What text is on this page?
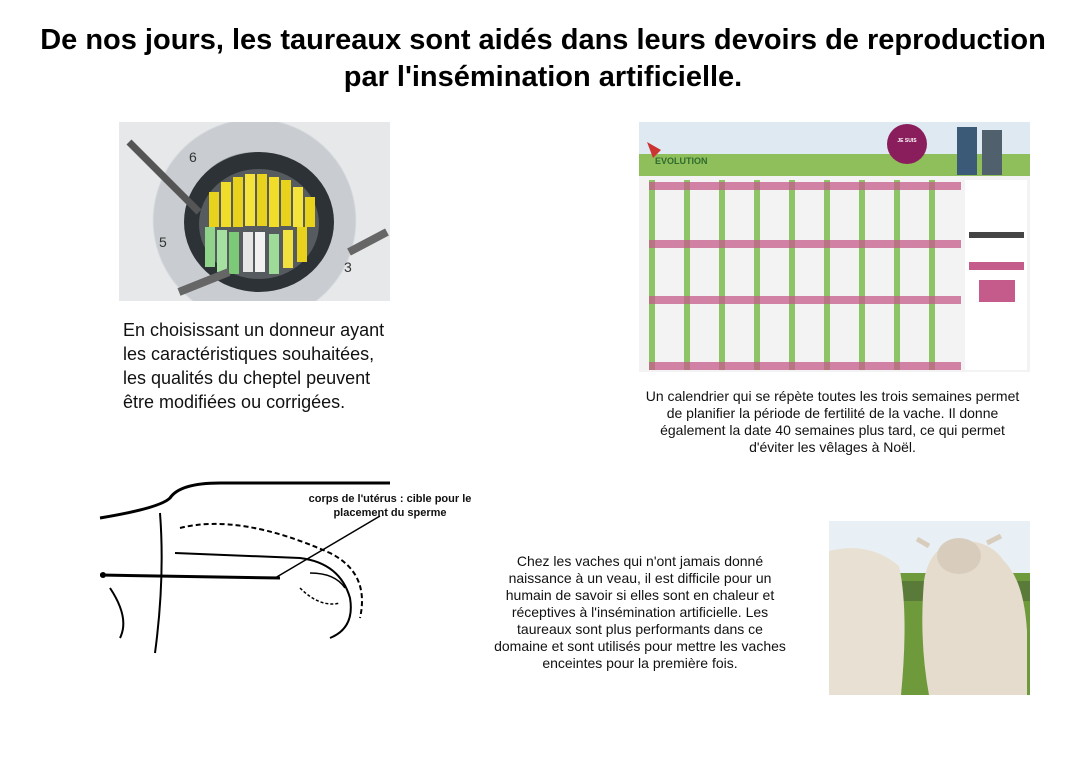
De nos jours, les taureaux sont aidés dans leurs devoirs de reproduction par l'insémination artificielle.
5
6
3
En choisissant un donneur ayant les caractéristiques souhaitées, les qualités du cheptel peuvent être modifiées ou corrigées.
EVOLUTION
JE SUIS
Un calendrier qui se répète toutes les trois semaines permet de planifier la période de fertilité de la vache. Il donne également la date 40 semaines plus tard, ce qui permet d'éviter les vêlages à Noël.
corps de l'utérus : cible pour le placement du sperme
Chez les vaches qui n'ont jamais donné naissance à un veau, il est difficile pour un humain de savoir si elles sont en chaleur et réceptives à l'insémination artificielle. Les taureaux sont plus performants dans ce domaine et sont utilisés pour mettre les vaches enceintes pour la première fois.
